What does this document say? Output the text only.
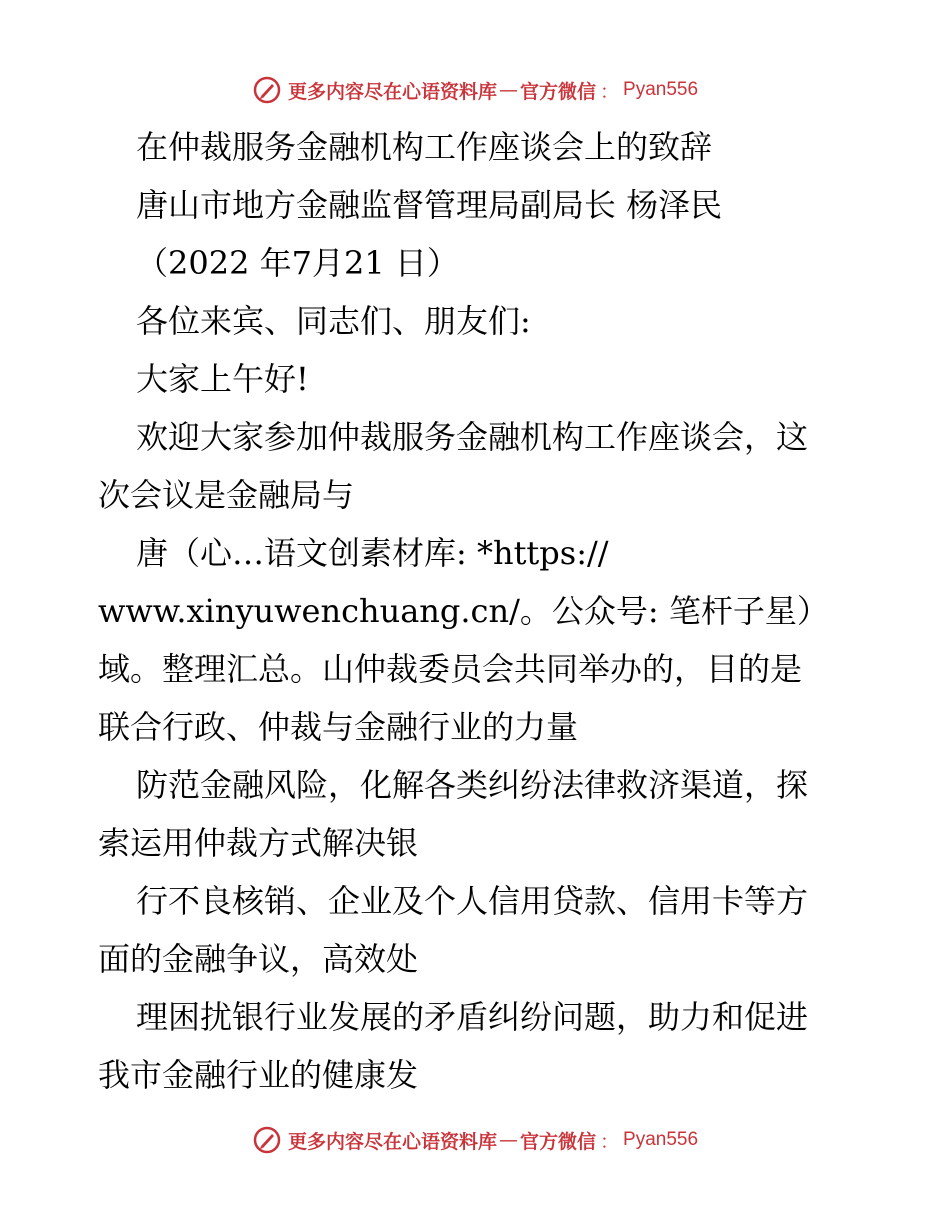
更多内容尽在心语资料库 — 官方微信 ： Pyan556
在仲裁服务金融机构工作座谈会上的致辞
唐山市地方金融监督管理局副局长 杨泽民
（2022 年7月21 日）
各位来宾、同志们、朋友们:
大家上午好!
欢迎大家参加仲裁服务金融机构工作座谈会，这
次会议是金融局与
唐（心…语文创素材库: *https://
www.xinyuwenchuang.cn/。公众号: 笔杆子星）
域。整理汇总。山仲裁委员会共同举办的，目的是
联合行政、仲裁与金融行业的力量
防范金融风险，化解各类纠纷法律救济渠道，探
索运用仲裁方式解决银
行不良核销、企业及个人信用贷款、信用卡等方
面的金融争议，高效处
理困扰银行业发展的矛盾纠纷问题，助力和促进
我市金融行业的健康发
更多内容尽在心语资料库 — 官方微信 ： Pyan556
